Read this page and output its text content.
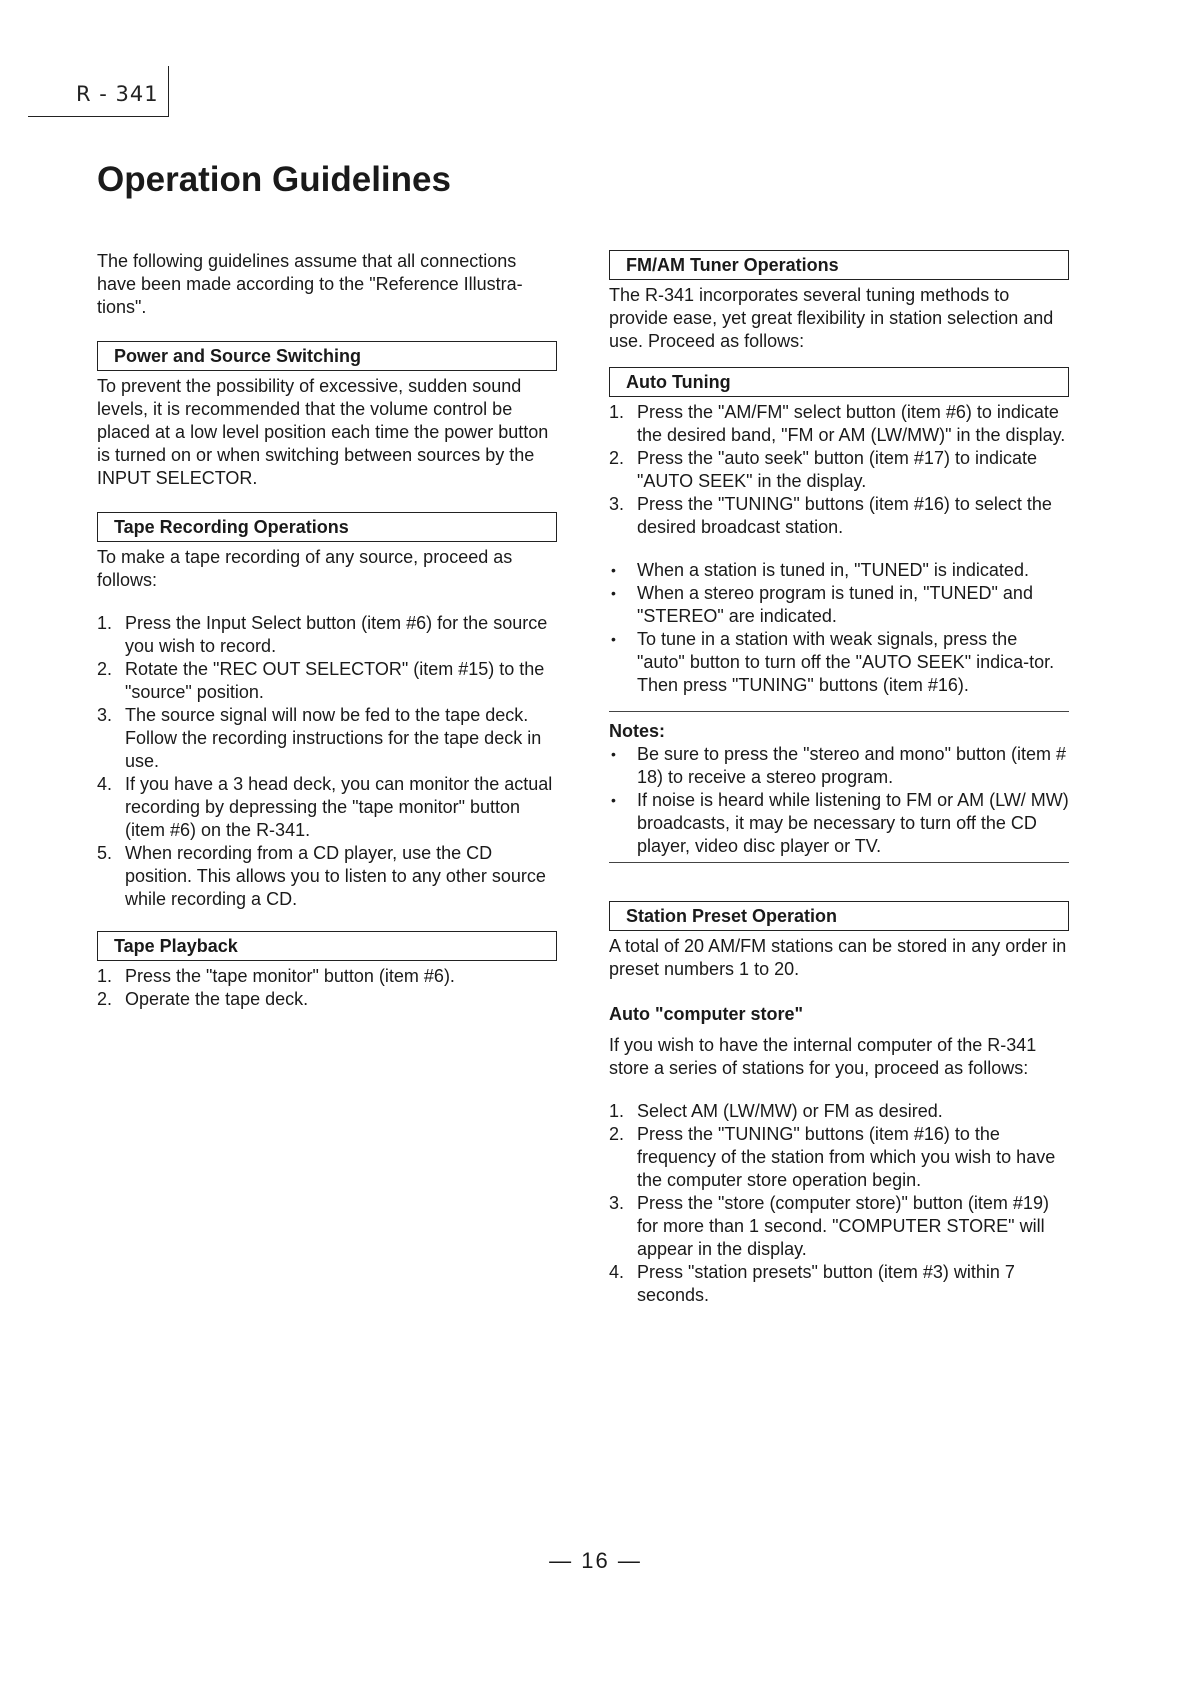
R - 341
Operation Guidelines

The following guidelines assume that all connections have been made according to the "Reference Illustra-tions".

Power and Source Switching

To prevent the possibility of excessive, sudden sound levels, it is recommended that the volume control be placed at a low level position each time the power button is turned on or when switching between sources by the INPUT SELECTOR.

Tape Recording Operations

To make a tape recording of any source, proceed as follows:

1. Press the Input Select button (item #6) for the source you wish to record.
2. Rotate the "REC OUT SELECTOR" (item #15) to the "source" position.
3. The source signal will now be fed to the tape deck. Follow the recording instructions for the tape deck in use.
4. If you have a 3 head deck, you can monitor the actual recording by depressing the "tape monitor" button (item #6) on the R-341.
5. When recording from a CD player, use the CD position. This allows you to listen to any other source while recording a CD.
Tape Playback
1. Press the "tape monitor" button (item #6).
2. Operate the tape deck.
FM/AM Tuner Operations

The R-341 incorporates several tuning methods to provide ease, yet great flexibility in station selection and use. Proceed as follows:

Auto Tuning
1. Press the "AM/FM" select button (item #6) to indicate the desired band, "FM or AM (LW/MW)" in the display.
2. Press the "auto seek" button (item #17) to indicate "AUTO SEEK" in the display.
3. Press the "TUNING" buttons (item #16) to select the desired broadcast station.
• When a station is tuned in, "TUNED" is indicated.
• When a stereo program is tuned in, "TUNED" and "STEREO" are indicated.
• To tune in a station with weak signals, press the "auto" button to turn off the "AUTO SEEK" indica-tor. Then press "TUNING" buttons (item #16).
Notes:
• Be sure to press the "stereo and mono" button (item # 18) to receive a stereo program.
• If noise is heard while listening to FM or AM (LW/ MW) broadcasts, it may be necessary to turn off the CD player, video disc player or TV.
Station Preset Operation

A total of 20 AM/FM stations can be stored in any order in preset numbers 1 to 20.

Auto "computer store"

If you wish to have the internal computer of the R-341 store a series of stations for you, proceed as follows:

1. Select AM (LW/MW) or FM as desired.
2. Press the "TUNING" buttons (item #16) to the frequency of the station from which you wish to have the computer store operation begin.
3. Press the "store (computer store)" button (item #19) for more than 1 second. "COMPUTER STORE" will appear in the display.
4. Press "station presets" button (item #3) within 7 seconds.
— 16 —
